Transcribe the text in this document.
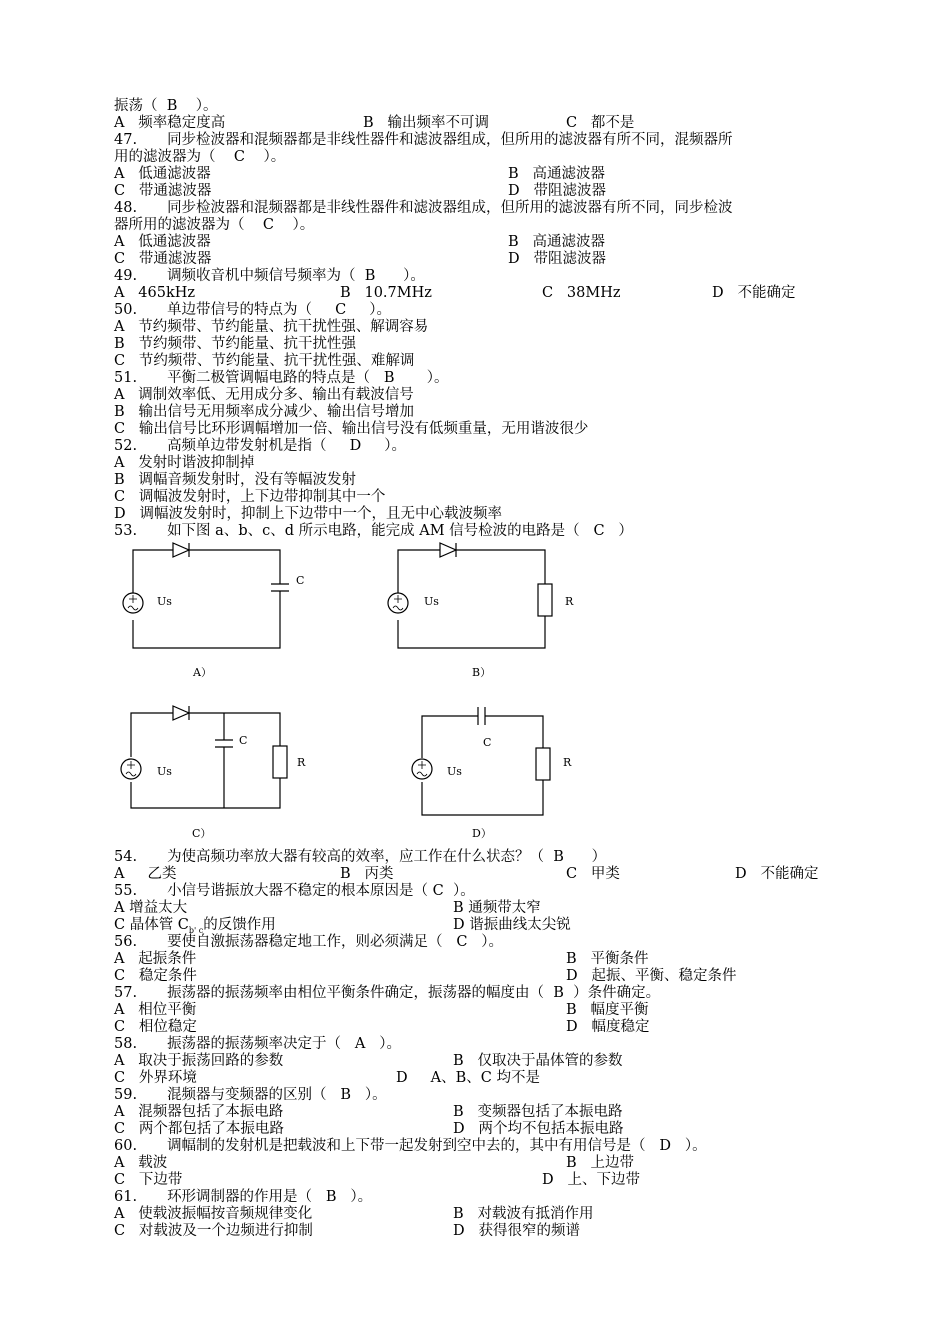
振荡（  B    ）。
A   频率稳定度高	B   输出频率不可调	C   都不是
47. 同步检波器和混频器都是非线性器件和滤波器组成，但所用的滤波器有所不同，混频器所
用的滤波器为（    C    ）。
A   低通滤波器	B   高通滤波器
C   带通滤波器	D   带阻滤波器
48. 同步检波器和混频器都是非线性器件和滤波器组成，但所用的滤波器有所不同，同步检波
器所用的滤波器为（    C    ）。
A   低通滤波器	B   高通滤波器
C   带通滤波器	D   带阻滤波器
49. 调频收音机中频信号频率为（  B      ）。
A   465kHz	B   10.7MHz	C   38MHz	D   不能确定
50. 单边带信号的特点为（     C     ）。
A   节约频带、节约能量、抗干扰性强、解调容易
B   节约频带、节约能量、抗干扰性强
C   节约频带、节约能量、抗干扰性强、难解调
51. 平衡二极管调幅电路的特点是（   B       ）。
A   调制效率低、无用成分多、输出有载波信号
B   输出信号无用频率成分减少、输出信号增加
C   输出信号比环形调幅增加一倍、输出信号没有低频重量，无用谐波很少
52. 高频单边带发射机是指（     D     ）。
A   发射时谐波抑制掉
B   调幅音频发射时，没有等幅波发射
C   调幅波发射时，上下边带抑制其中一个
D   调幅波发射时，抑制上下边带中一个，且无中心载波频率
53. 如下图 a、b、c、d 所示电路，能完成 AM 信号检波的电路是（   C   ）
Us
C
Us	R
Us
C
R
Us
C
R
A）	B）
C）	D）
54. 为使高频功率放大器有较高的效率，应工作在什么状态？（  B      ）
A     乙类	B   丙类	C   甲类	D   不能确定
55. 小信号谐振放大器不稳定的根本原因是（ C  ）。
A 增益太大	B 通频带太窄
C 晶体管 $C_{b' c}$的反馈作用	D 谐振曲线太尖锐
56. 要使自激振荡器稳定地工作，则必须满足（   C   ）。
A   起振条件	B   平衡条件
C   稳定条件	D   起振、平衡、稳定条件
57. 振荡器的振荡频率由相位平衡条件确定，振荡器的幅度由（  B  ）条件确定。
A   相位平衡	B   幅度平衡
C   相位稳定	D   幅度稳定
58. 振荡器的振荡频率决定于（   A   ）。
A   取决于振荡回路的参数	B   仅取决于晶体管的参数
C   外界环境	D     A、B、C 均不是
59. 混频器与变频器的区别（   B   ）。
A   混频器包括了本振电路	B   变频器包括了本振电路
C   两个都包括了本振电路	D   两个均不包括本振电路
60. 调幅制的发射机是把载波和上下带一起发射到空中去的，其中有用信号是（   D   ）。
A   载波	B   上边带
C   下边带	D   上、下边带
61. 环形调制器的作用是（   B   ）。
A   使载波振幅按音频规律变化	B   对载波有抵消作用
C   对载波及一个边频进行抑制	D   获得很窄的频谱
